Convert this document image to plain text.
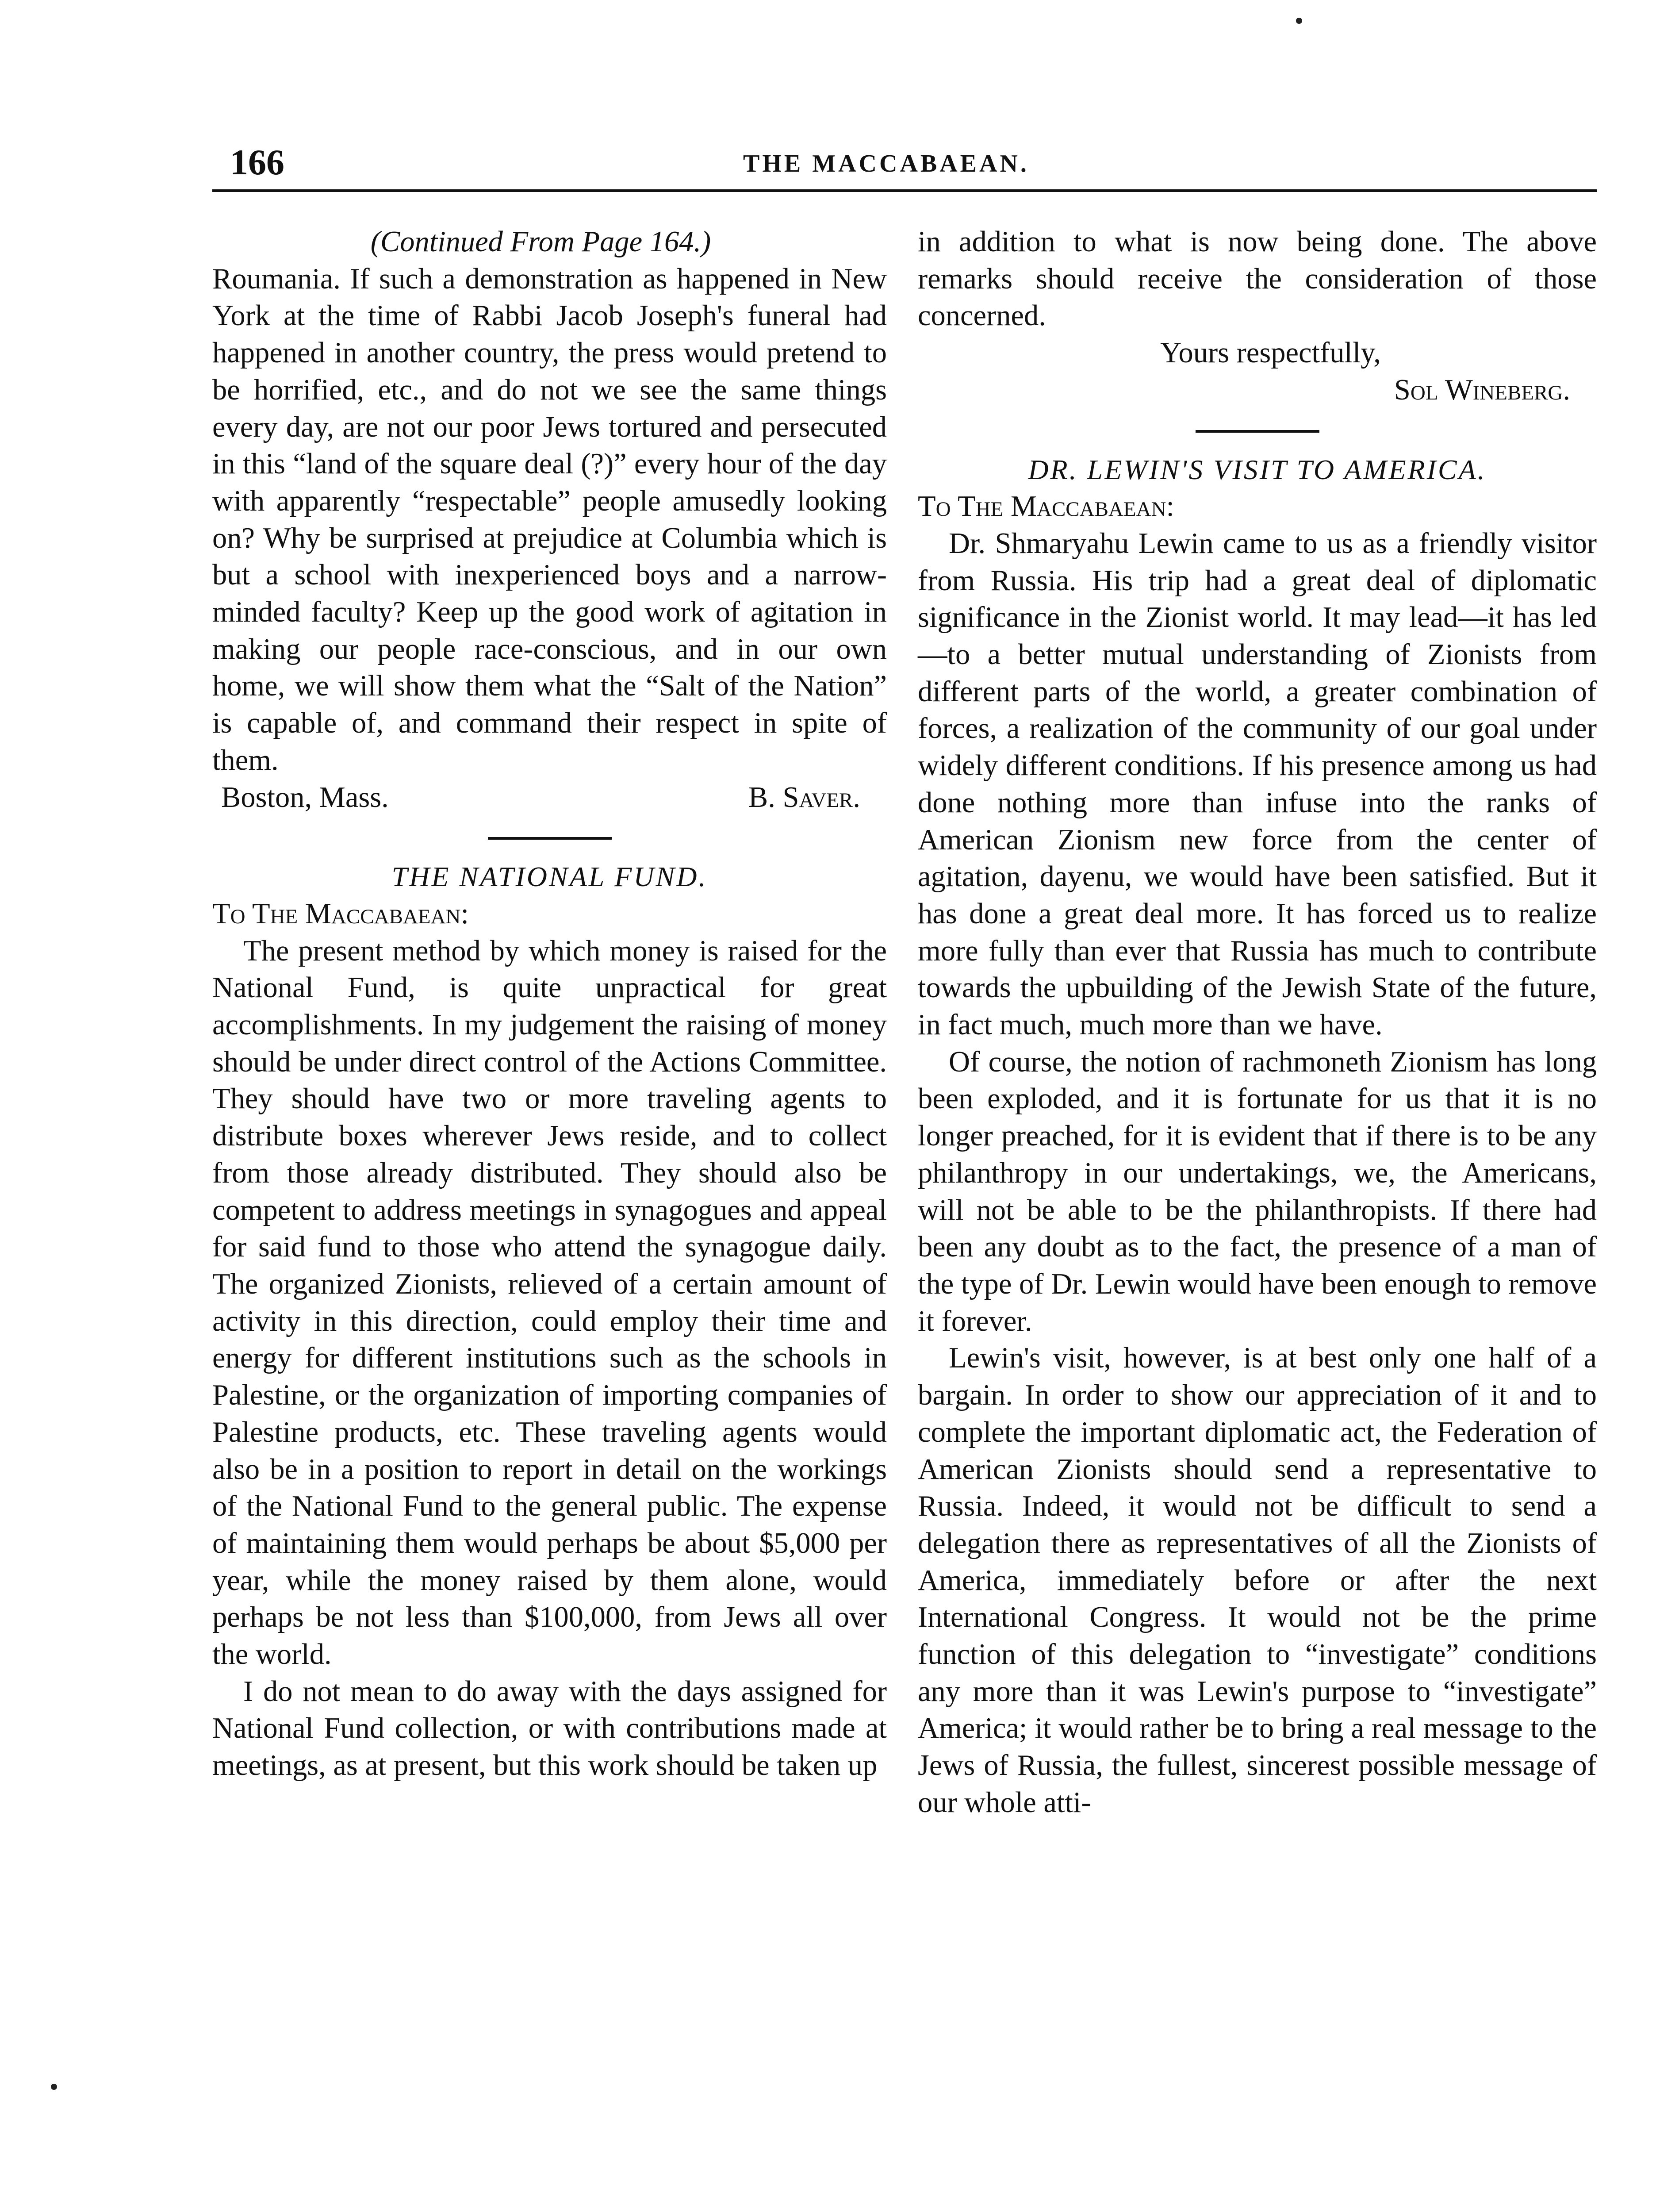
166	THE MACCABAEAN.

(Continued From Page 164.)

Roumania. If such a demonstration as happened in New York at the time of Rabbi Jacob Joseph's funeral had happened in another country, the press would pretend to be horrified, etc., and do not we see the same things every day, are not our poor Jews tortured and persecuted in this “land of the square deal (?)” every hour of the day with apparently “respectable” people amusedly looking on? Why be surprised at prejudice at Columbia which is but a school with inexperienced boys and a narrow-minded faculty? Keep up the good work of agitation in making our people race-conscious, and in our own home, we will show them what the “Salt of the Nation” is capable of, and command their respect in spite of them.

Boston, Mass.	B. Saver.

THE NATIONAL FUND.

To The Maccabaean:

The present method by which money is raised for the National Fund, is quite unpractical for great accomplishments. In my judgement the raising of money should be under direct control of the Actions Committee. They should have two or more traveling agents to distribute boxes wherever Jews reside, and to collect from those already distributed. They should also be competent to address meetings in synagogues and appeal for said fund to those who attend the synagogue daily. The organized Zionists, relieved of a certain amount of activity in this direction, could employ their time and energy for different institutions such as the schools in Palestine, or the organization of importing companies of Palestine products, etc. These traveling agents would also be in a position to report in detail on the workings of the National Fund to the general public. The expense of maintaining them would perhaps be about $5,000 per year, while the money raised by them alone, would perhaps be not less than $100,000, from Jews all over the world.

I do not mean to do away with the days assigned for National Fund collection, or with contributions made at meetings, as at present, but this work should be taken up

in addition to what is now being done. The above remarks should receive the consideration of those concerned.

Yours respectfully,

Sol Wineberg.

DR. LEWIN'S VISIT TO AMERICA.

To The Maccabaean:

Dr. Shmaryahu Lewin came to us as a friendly visitor from Russia. His trip had a great deal of diplomatic significance in the Zionist world. It may lead—it has led—to a better mutual understanding of Zionists from different parts of the world, a greater combination of forces, a realization of the community of our goal under widely different conditions. If his presence among us had done nothing more than infuse into the ranks of American Zionism new force from the center of agitation, dayenu, we would have been satisfied. But it has done a great deal more. It has forced us to realize more fully than ever that Russia has much to contribute towards the upbuilding of the Jewish State of the future, in fact much, much more than we have.

Of course, the notion of rachmoneth Zionism has long been exploded, and it is fortunate for us that it is no longer preached, for it is evident that if there is to be any philanthropy in our undertakings, we, the Americans, will not be able to be the philanthropists. If there had been any doubt as to the fact, the presence of a man of the type of Dr. Lewin would have been enough to remove it forever.

Lewin's visit, however, is at best only one half of a bargain. In order to show our appreciation of it and to complete the important diplomatic act, the Federation of American Zionists should send a representative to Russia. Indeed, it would not be difficult to send a delegation there as representatives of all the Zionists of America, immediately before or after the next International Congress. It would not be the prime function of this delegation to “investigate” conditions any more than it was Lewin's purpose to “investigate” America; it would rather be to bring a real message to the Jews of Russia, the fullest, sincerest possible message of our whole atti-
